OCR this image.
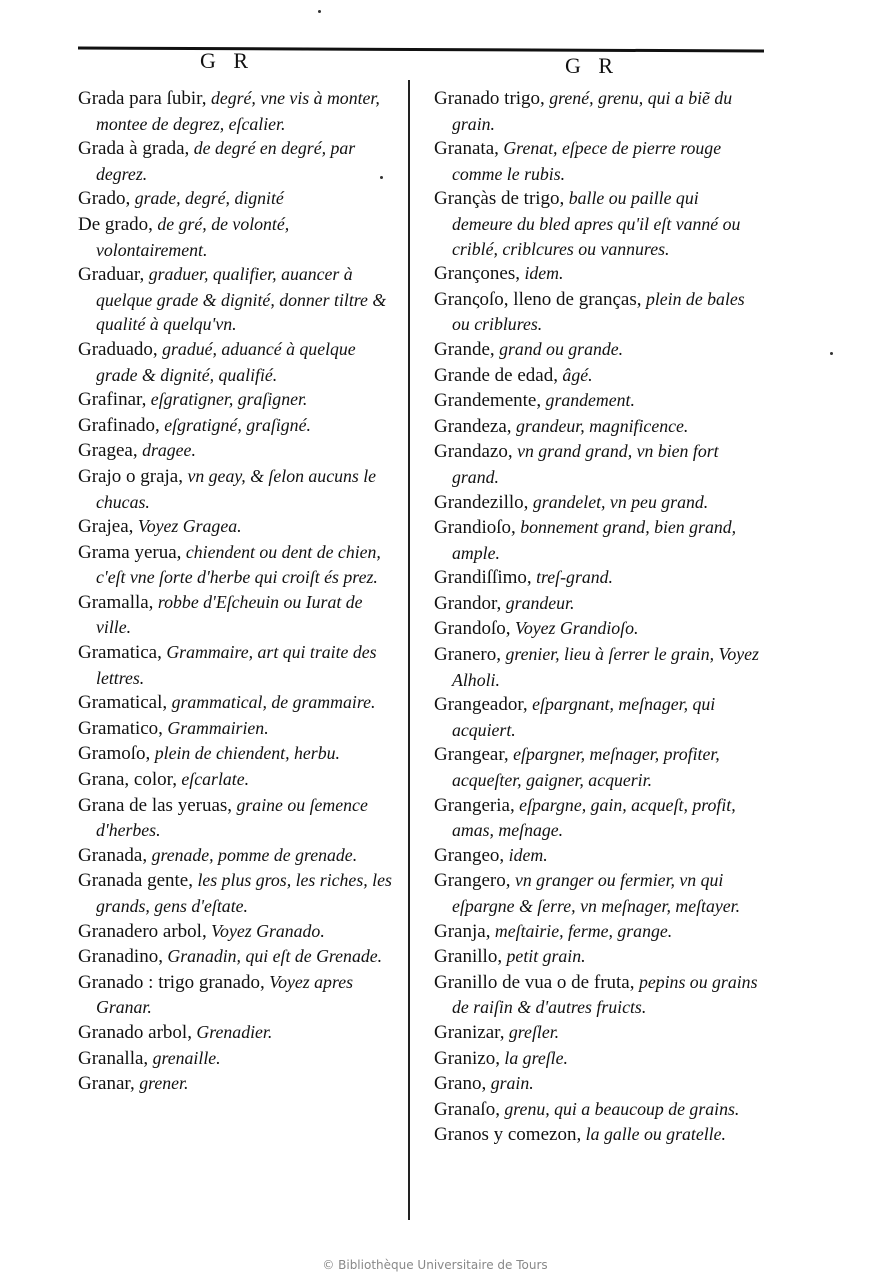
G R	G R

Grada para ſubir, degré, vne vis à monter, montee de degrez, eſcalier.

Grada à grada, de degré en degré, par degrez.

Grado, grade, degré, dignité

De grado, de gré, de volonté, volontairement.

Graduar, graduer, qualifier, auancer à quelque grade & dignité, donner tiltre & qualité à quelqu'vn.

Graduado, gradué, aduancé à quelque grade & dignité, qualifié.

Grafinar, eſgratigner, graſigner.

Grafinado, eſgratigné, graſigné.

Gragea, dragee.

Grajo o graja, vn geay, & ſelon aucuns le chucas.

Grajea, Voyez Gragea.

Grama yerua, chiendent ou dent de chien, c'eſt vne ſorte d'herbe qui croiſt és prez.

Gramalla, robbe d'Eſcheuin ou Iurat de ville.

Gramatica, Grammaire, art qui traite des lettres.

Gramatical, grammatical, de grammaire.

Gramatico, Grammairien.

Gramoſo, plein de chiendent, herbu.

Grana, color, eſcarlate.

Grana de las yeruas, graine ou ſemence d'herbes.

Granada, grenade, pomme de grenade.

Granada gente, les plus gros, les riches, les grands, gens d'eſtate.

Granadero arbol, Voyez Granado.

Granadino, Granadin, qui eſt de Grenade.

Granado : trigo granado, Voyez apres Granar.

Granado arbol, Grenadier.

Granalla, grenaille.

Granar, grener.

Granado trigo, grené, grenu, qui a biẽ du grain.

Granata, Grenat, eſpece de pierre rouge comme le rubis.

Grançàs de trigo, balle ou paille qui demeure du bled apres qu'il eſt vanné ou criblé, criblcures ou vannures.

Grançones, idem.

Granςoſo, lleno de granças, plein de bales ou criblures.

Grande, grand ou grande.

Grande de edad, âgé.

Grandemente, grandement.

Grandeza, grandeur, magnificence.

Grandazo, vn grand grand, vn bien fort grand.

Grandezillo, grandelet, vn peu grand.

Grandioſo, bonnement grand, bien grand, ample.

Grandiſſimo, treſ-grand.

Grandor, grandeur.

Grandoſo, Voyez Grandioſo.

Granero, grenier, lieu à ſerrer le grain, Voyez Alholi.

Grangeador, eſpargnant, meſnager, qui acquiert.

Grangear, eſpargner, meſnager, profiter, acqueſter, gaigner, acquerir.

Grangeria, eſpargne, gain, acqueſt, profit, amas, meſnage.

Grangeo, idem.

Grangero, vn granger ou fermier, vn qui eſpargne & ſerre, vn meſnager, meſtayer.

Granja, meſtairie, ferme, grange.

Granillo, petit grain.

Granillo de vua o de fruta, pepins ou grains de raiſin & d'autres fruicts.

Granizar, greſler.

Granizo, la greſle.

Grano, grain.

Granaſo, grenu, qui a beaucoup de grains.

Granos y comezon, la galle ou gratelle.

© Bibliothèque Universitaire de Tours
